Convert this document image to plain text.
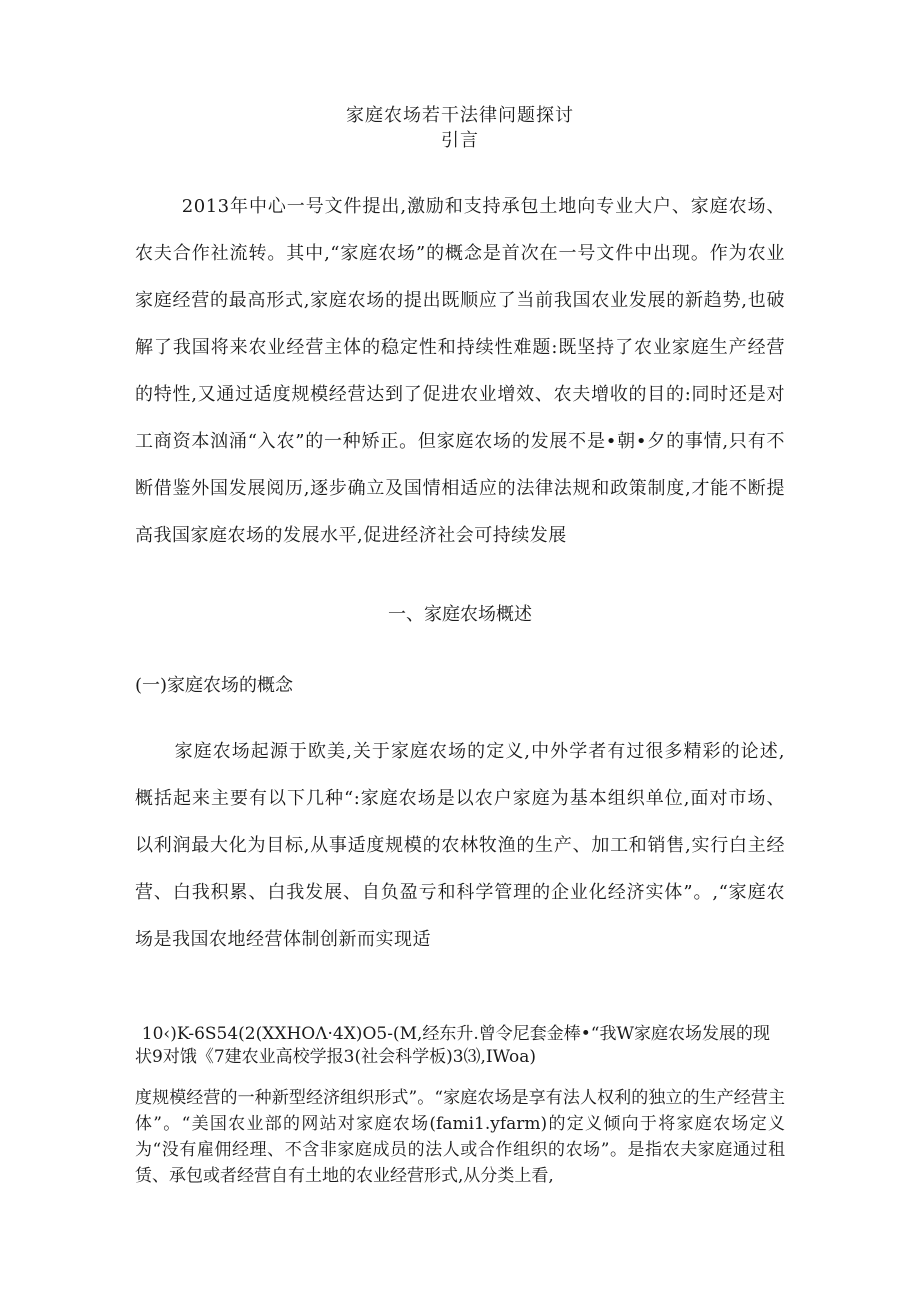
家庭农场若干法律问题探讨
引言
2013年中心一号文件提出,激励和支持承包土地向专业大户、家庭农场、农夫合作社流转。其中,“家庭农场”的概念是首次在一号文件中出现。作为农业家庭经营的最高形式,家庭农场的提出既顺应了当前我国农业发展的新趋势,也破解了我国将来农业经营主体的稳定性和持续性难题:既坚持了农业家庭生产经营的特性,又通过适度规模经营达到了促进农业增效、农夫增收的目的:同时还是对工商资本汹涌“入农”的一种矫正。但家庭农场的发展不是•朝•夕的事情,只有不断借鉴外国发展阅历,逐步确立及国情相适应的法律法规和政策制度,才能不断提高我国家庭农场的发展水平,促进经济社会可持续发展
一、家庭农场概述
(一)家庭农场的概念
家庭农场起源于欧美,关于家庭农场的定义,中外学者有过很多精彩的论述,概括起来主要有以下几种“:家庭农场是以农户家庭为基本组织单位,面对市场、以利润最大化为目标,从事适度规模的农林牧渔的生产、加工和销售,实行白主经营、白我积累、白我发展、自负盈亏和科学管理的企业化经济实体”。,“家庭农场是我国农地经营体制创新而实现适
10‹)K-6S54(2(XXHOΛ·4X)O5-(M,经东升.曾令尼套金棒•“我W家庭农场发展的现状9对饿《7建农业高校学报3(社会科学板)3⑶,IWoa)
度规模经营的一种新型经济组织形式”。“家庭农场是享有法人权利的独立的生产经营主体”。“美国农业部的网站对家庭农场(fami1.yfarm)的定义倾向于将家庭农场定义为“没有雇佣经理、不含非家庭成员的法人或合作组织的农场”。是指农夫家庭通过租赁、承包或者经营自有土地的农业经营形式,从分类上看,
